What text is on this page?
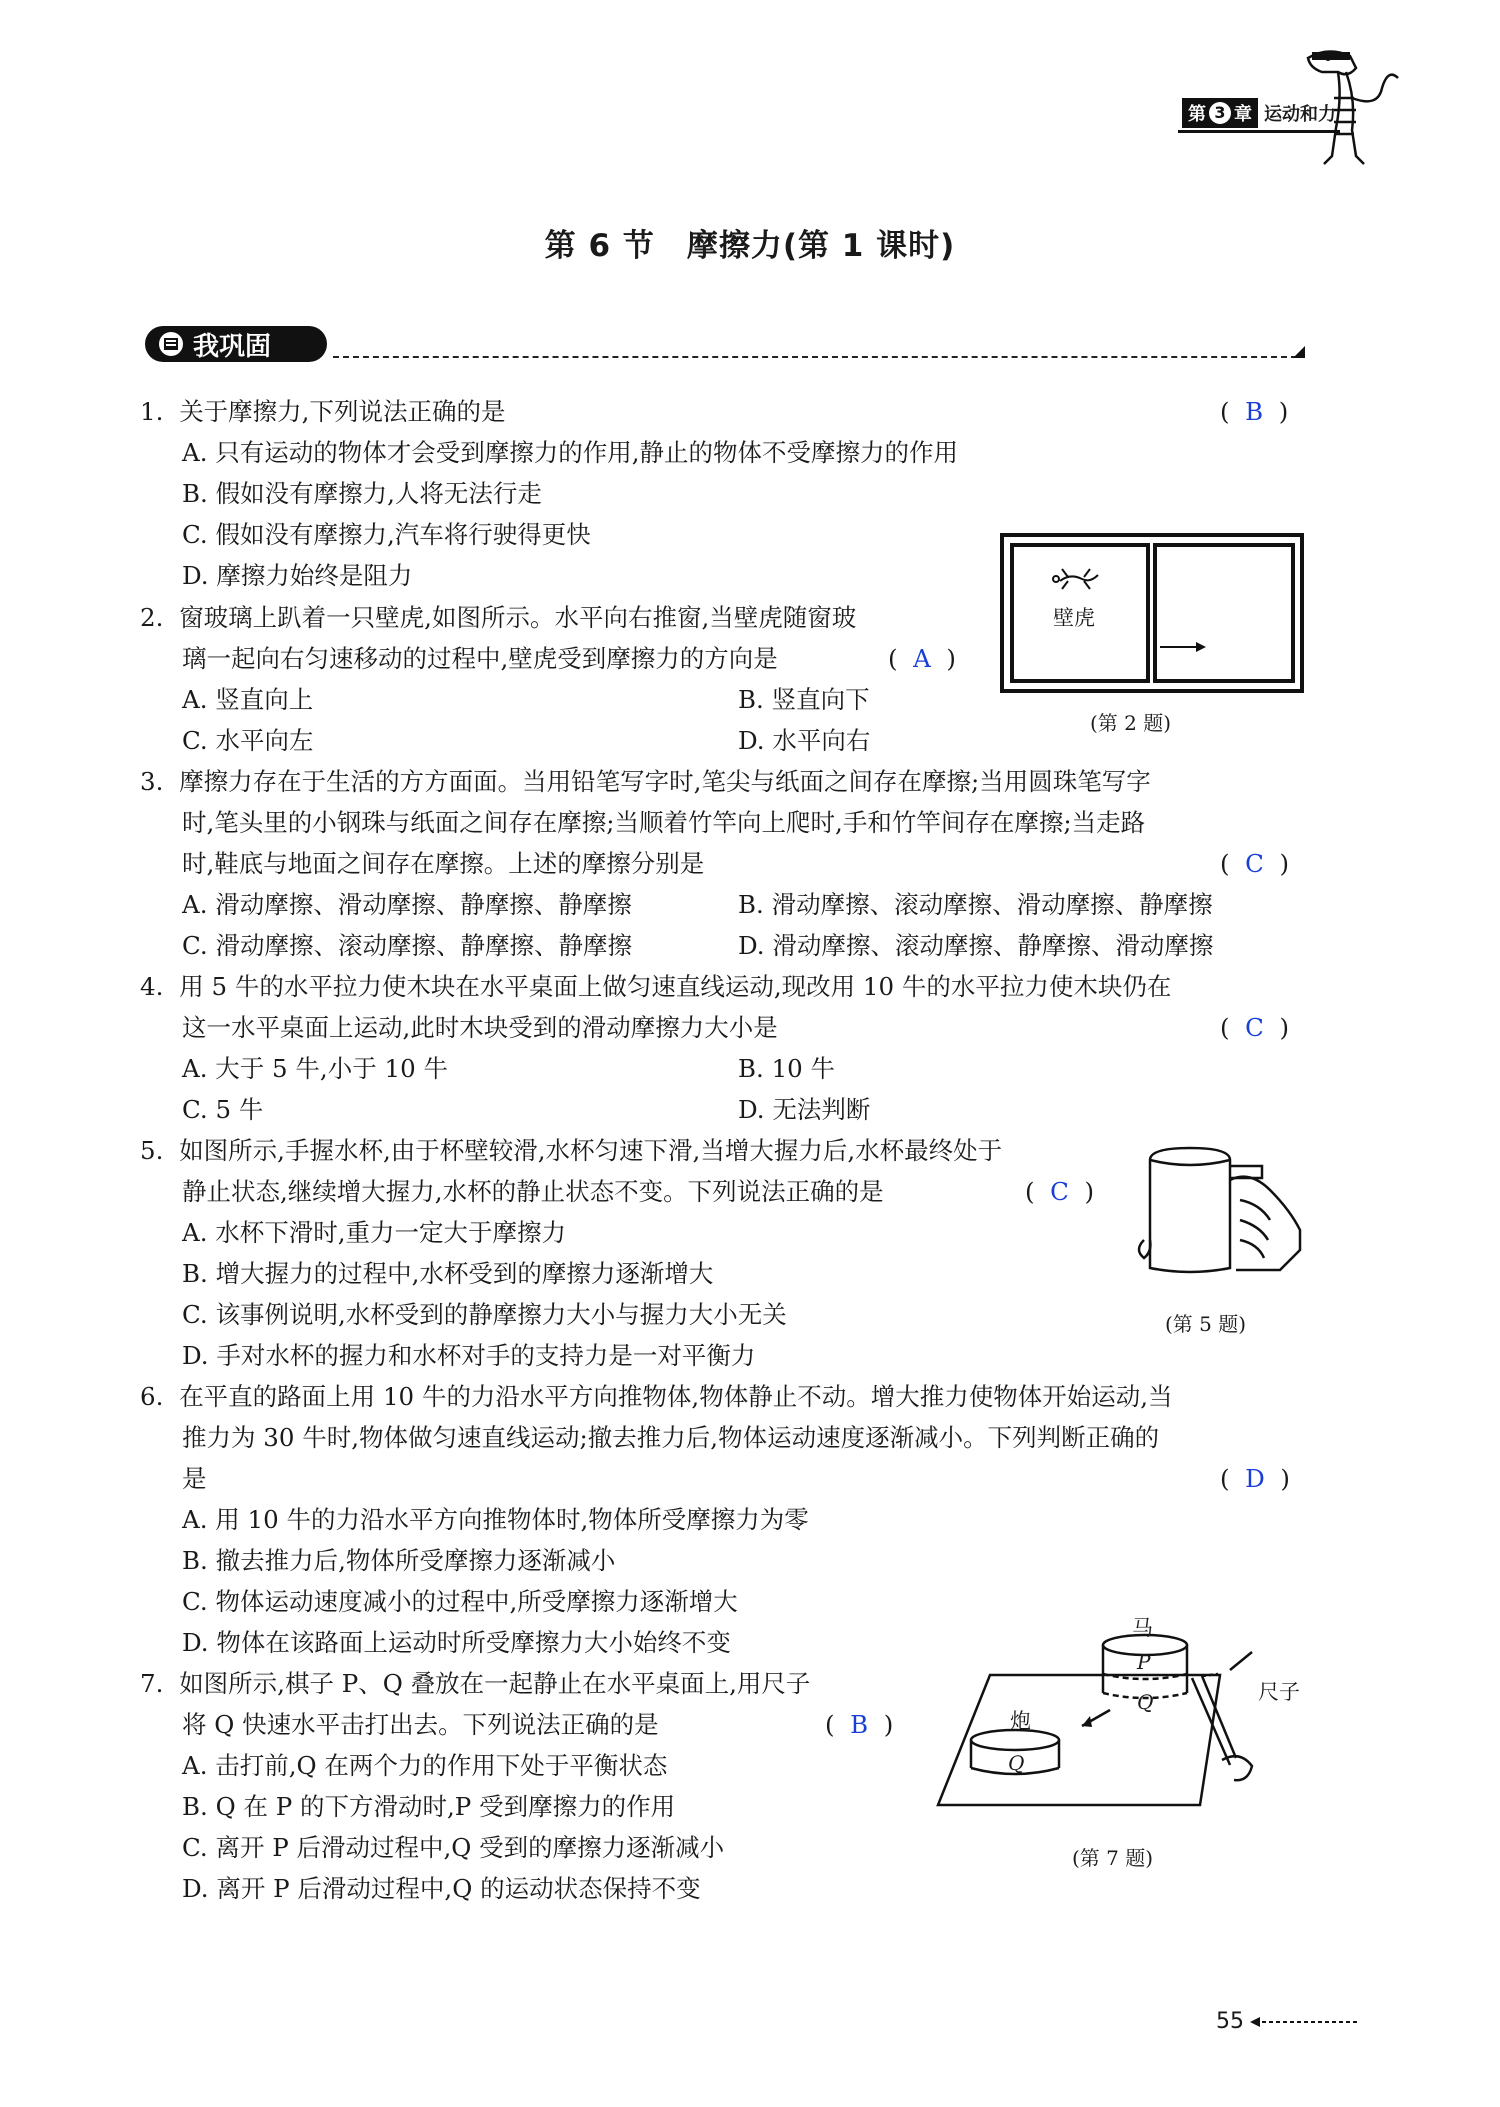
第 3 章 运动和力
第 6 节　摩擦力(第 1 课时)
我巩固
1. 关于摩擦力,下列说法正确的是	(  B  )
A. 只有运动的物体才会受到摩擦力的作用,静止的物体不受摩擦力的作用
B. 假如没有摩擦力,人将无法行走
C. 假如没有摩擦力,汽车将行驶得更快
D. 摩擦力始终是阻力
壁虎
(第 2 题)
2. 窗玻璃上趴着一只壁虎,如图所示。水平向右推窗,当壁虎随窗玻
璃一起向右匀速移动的过程中,壁虎受到摩擦力的方向是	(  A  )
A. 竖直向上	B. 竖直向下
C. 水平向左	D. 水平向右
3. 摩擦力存在于生活的方方面面。当用铅笔写字时,笔尖与纸面之间存在摩擦;当用圆珠笔写字
时,笔头里的小钢珠与纸面之间存在摩擦;当顺着竹竿向上爬时,手和竹竿间存在摩擦;当走路
时,鞋底与地面之间存在摩擦。上述的摩擦分别是	(  C  )
A. 滑动摩擦、滑动摩擦、静摩擦、静摩擦	B. 滑动摩擦、滚动摩擦、滑动摩擦、静摩擦
C. 滑动摩擦、滚动摩擦、静摩擦、静摩擦	D. 滑动摩擦、滚动摩擦、静摩擦、滑动摩擦
4. 用 5 牛的水平拉力使木块在水平桌面上做匀速直线运动,现改用 10 牛的水平拉力使木块仍在
这一水平桌面上运动,此时木块受到的滑动摩擦力大小是	(  C  )
A. 大于 5 牛,小于 10 牛	B. 10 牛
C. 5 牛	D. 无法判断
(第 5 题)
5. 如图所示,手握水杯,由于杯壁较滑,水杯匀速下滑,当增大握力后,水杯最终处于
静止状态,继续增大握力,水杯的静止状态不变。下列说法正确的是	(  C  )
A. 水杯下滑时,重力一定大于摩擦力
B. 增大握力的过程中,水杯受到的摩擦力逐渐增大
C. 该事例说明,水杯受到的静摩擦力大小与握力大小无关
D. 手对水杯的握力和水杯对手的支持力是一对平衡力
6. 在平直的路面上用 10 牛的力沿水平方向推物体,物体静止不动。增大推力使物体开始运动,当
推力为 30 牛时,物体做匀速直线运动;撤去推力后,物体运动速度逐渐减小。下列判断正确的
是	(  D  )
A. 用 10 牛的力沿水平方向推物体时,物体所受摩擦力为零
B. 撤去推力后,物体所受摩擦力逐渐减小
C. 物体运动速度减小的过程中,所受摩擦力逐渐增大
D. 物体在该路面上运动时所受摩擦力大小始终不变	马
P
Q
炮
Q
尺子
(第 7 题)
7. 如图所示,棋子 P、Q 叠放在一起静止在水平桌面上,用尺子
将 Q 快速水平击打出去。下列说法正确的是	(  B  )
A. 击打前,Q 在两个力的作用下处于平衡状态
B. Q 在 P 的下方滑动时,P 受到摩擦力的作用
C. 离开 P 后滑动过程中,Q 受到的摩擦力逐渐减小
D. 离开 P 后滑动过程中,Q 的运动状态保持不变
55
